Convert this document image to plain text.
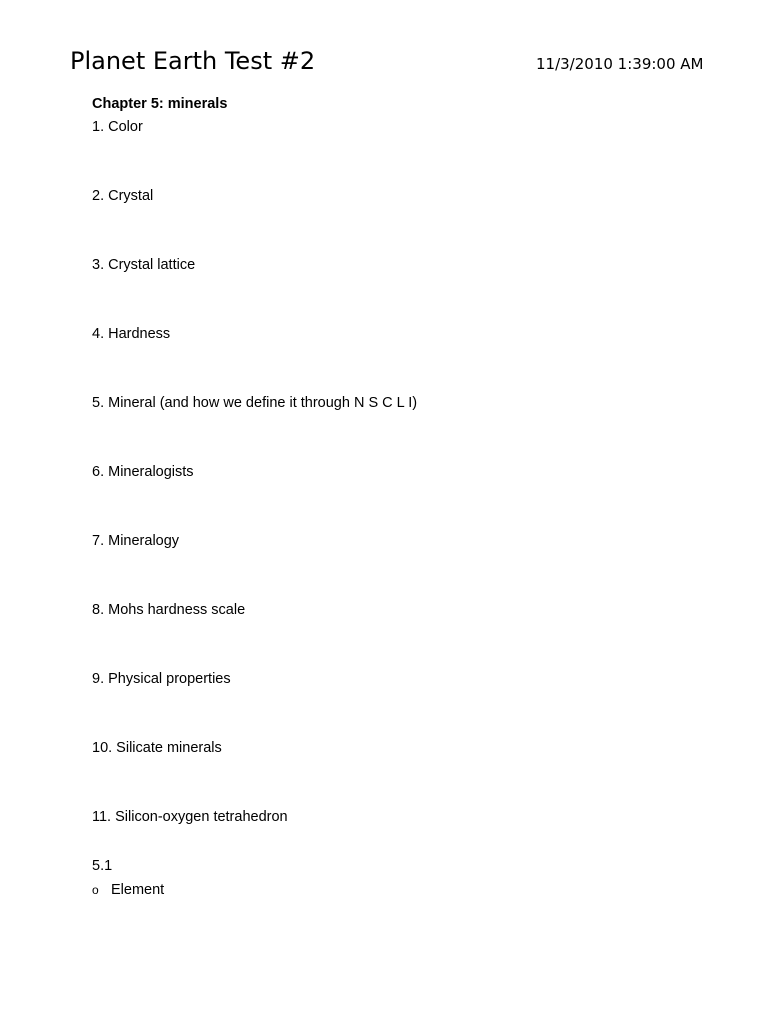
Planet Earth Test #2	11/3/2010 1:39:00 AM

Chapter 5: minerals

1. Color
2. Crystal
3. Crystal lattice
4. Hardness
5. Mineral (and how we define it through N S C L I)
6. Mineralogists
7. Mineralogy
8. Mohs hardness scale
9. Physical properties
10. Silicate minerals
11. Silicon-oxygen tetrahedron
5.1
o Element
